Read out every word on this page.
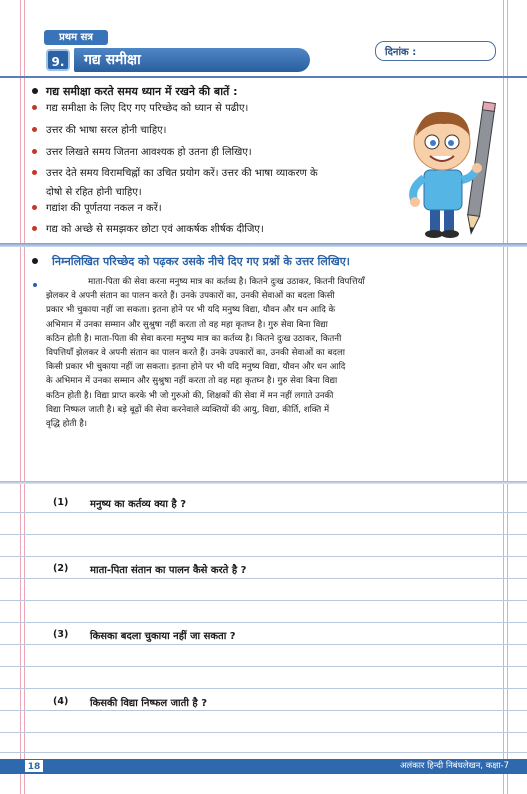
प्रथम सत्र
9.	गद्य समीक्षा	दिनांक :
गद्य समीक्षा करते समय ध्यान में रखने की बातें :
गद्य समीक्षा के लिए दिए गए परिच्छेद को ध्यान से पढीए।
उत्तर की भाषा सरल होनी चाहिए।
उत्तर लिखते समय जितना आवश्यक हो उतना ही लिखिए।
उत्तर देते समय विरामचिह्नों का उचित प्रयोग करें। उत्तर की भाषा व्याकरण के
दोषो से रहित होनी चाहिए।
गद्यांश की पूर्णतया नकल न करें।
गद्य को अच्छे से समझकर छोटा एवं आकर्षक शीर्षक दीजिए।
निम्नलिखित परिच्छेद को पढ़कर उसके नीचे दिए गए प्रश्नों के उत्तर लिखिए।
माता-पिता की सेवा करना मनुष्य मात्र का कर्तव्य है। कितने दुःख उठाकर, कितनी विपत्तियाँ
झेलकर वे अपनी संतान का पालन करते हैं। उनके उपकारों का, उनकी सेवाओं का बदला किसी
प्रकार भी चुकाया नहीं जा सकता। इतना होने पर भी यदि मनुष्य विद्या, यौवन और धन आदि के
अभिमान में उनका सम्मान और सुश्रुषा नहीं करता तो वह महा कृतघ्न है। गुरु सेवा बिना विद्या
कठिन होती है। माता-पिता की सेवा करना मनुष्य मात्र का कर्तव्य है। कितने दुःख उठाकर, कितनी
विपत्तियाँ झेलकर वे अपनी संतान का पालन करते हैं। उनके उपकारों का, उनकी सेवाओं का बदला
किसी प्रकार भी चुकाया नहीं जा सकता। इतना होने पर भी यदि मनुष्य विद्या, यौवन और धन आदि
के अभिमान में उनका सम्मान और सुश्रुषा नहीं करता तो वह महा कृतघ्न है। गुरु सेवा बिना विद्या
कठिन होती है। विद्या प्राप्त करके भी जो गुरुओ की, शिक्षकों की सेवा में मन नहीं लगाते उनकी
विद्या निष्फल जाती है। बड़े बूढ़ों की सेवा करनेवाले व्यक्तियों की आयु, विद्या, कीर्ति, शक्ति में
वृद्धि होती है।
(1) मनुष्य का कर्तव्य क्या है ?
(2) माता-पिता संतान का पालन कैसे करते है ?
(3) किसका बदला चुकाया नहीं जा सकता ?
(4) किसकी विद्या निष्फल जाती है ?
18	अलंकार हिन्दी निबंधलेखन, कक्षा-7
